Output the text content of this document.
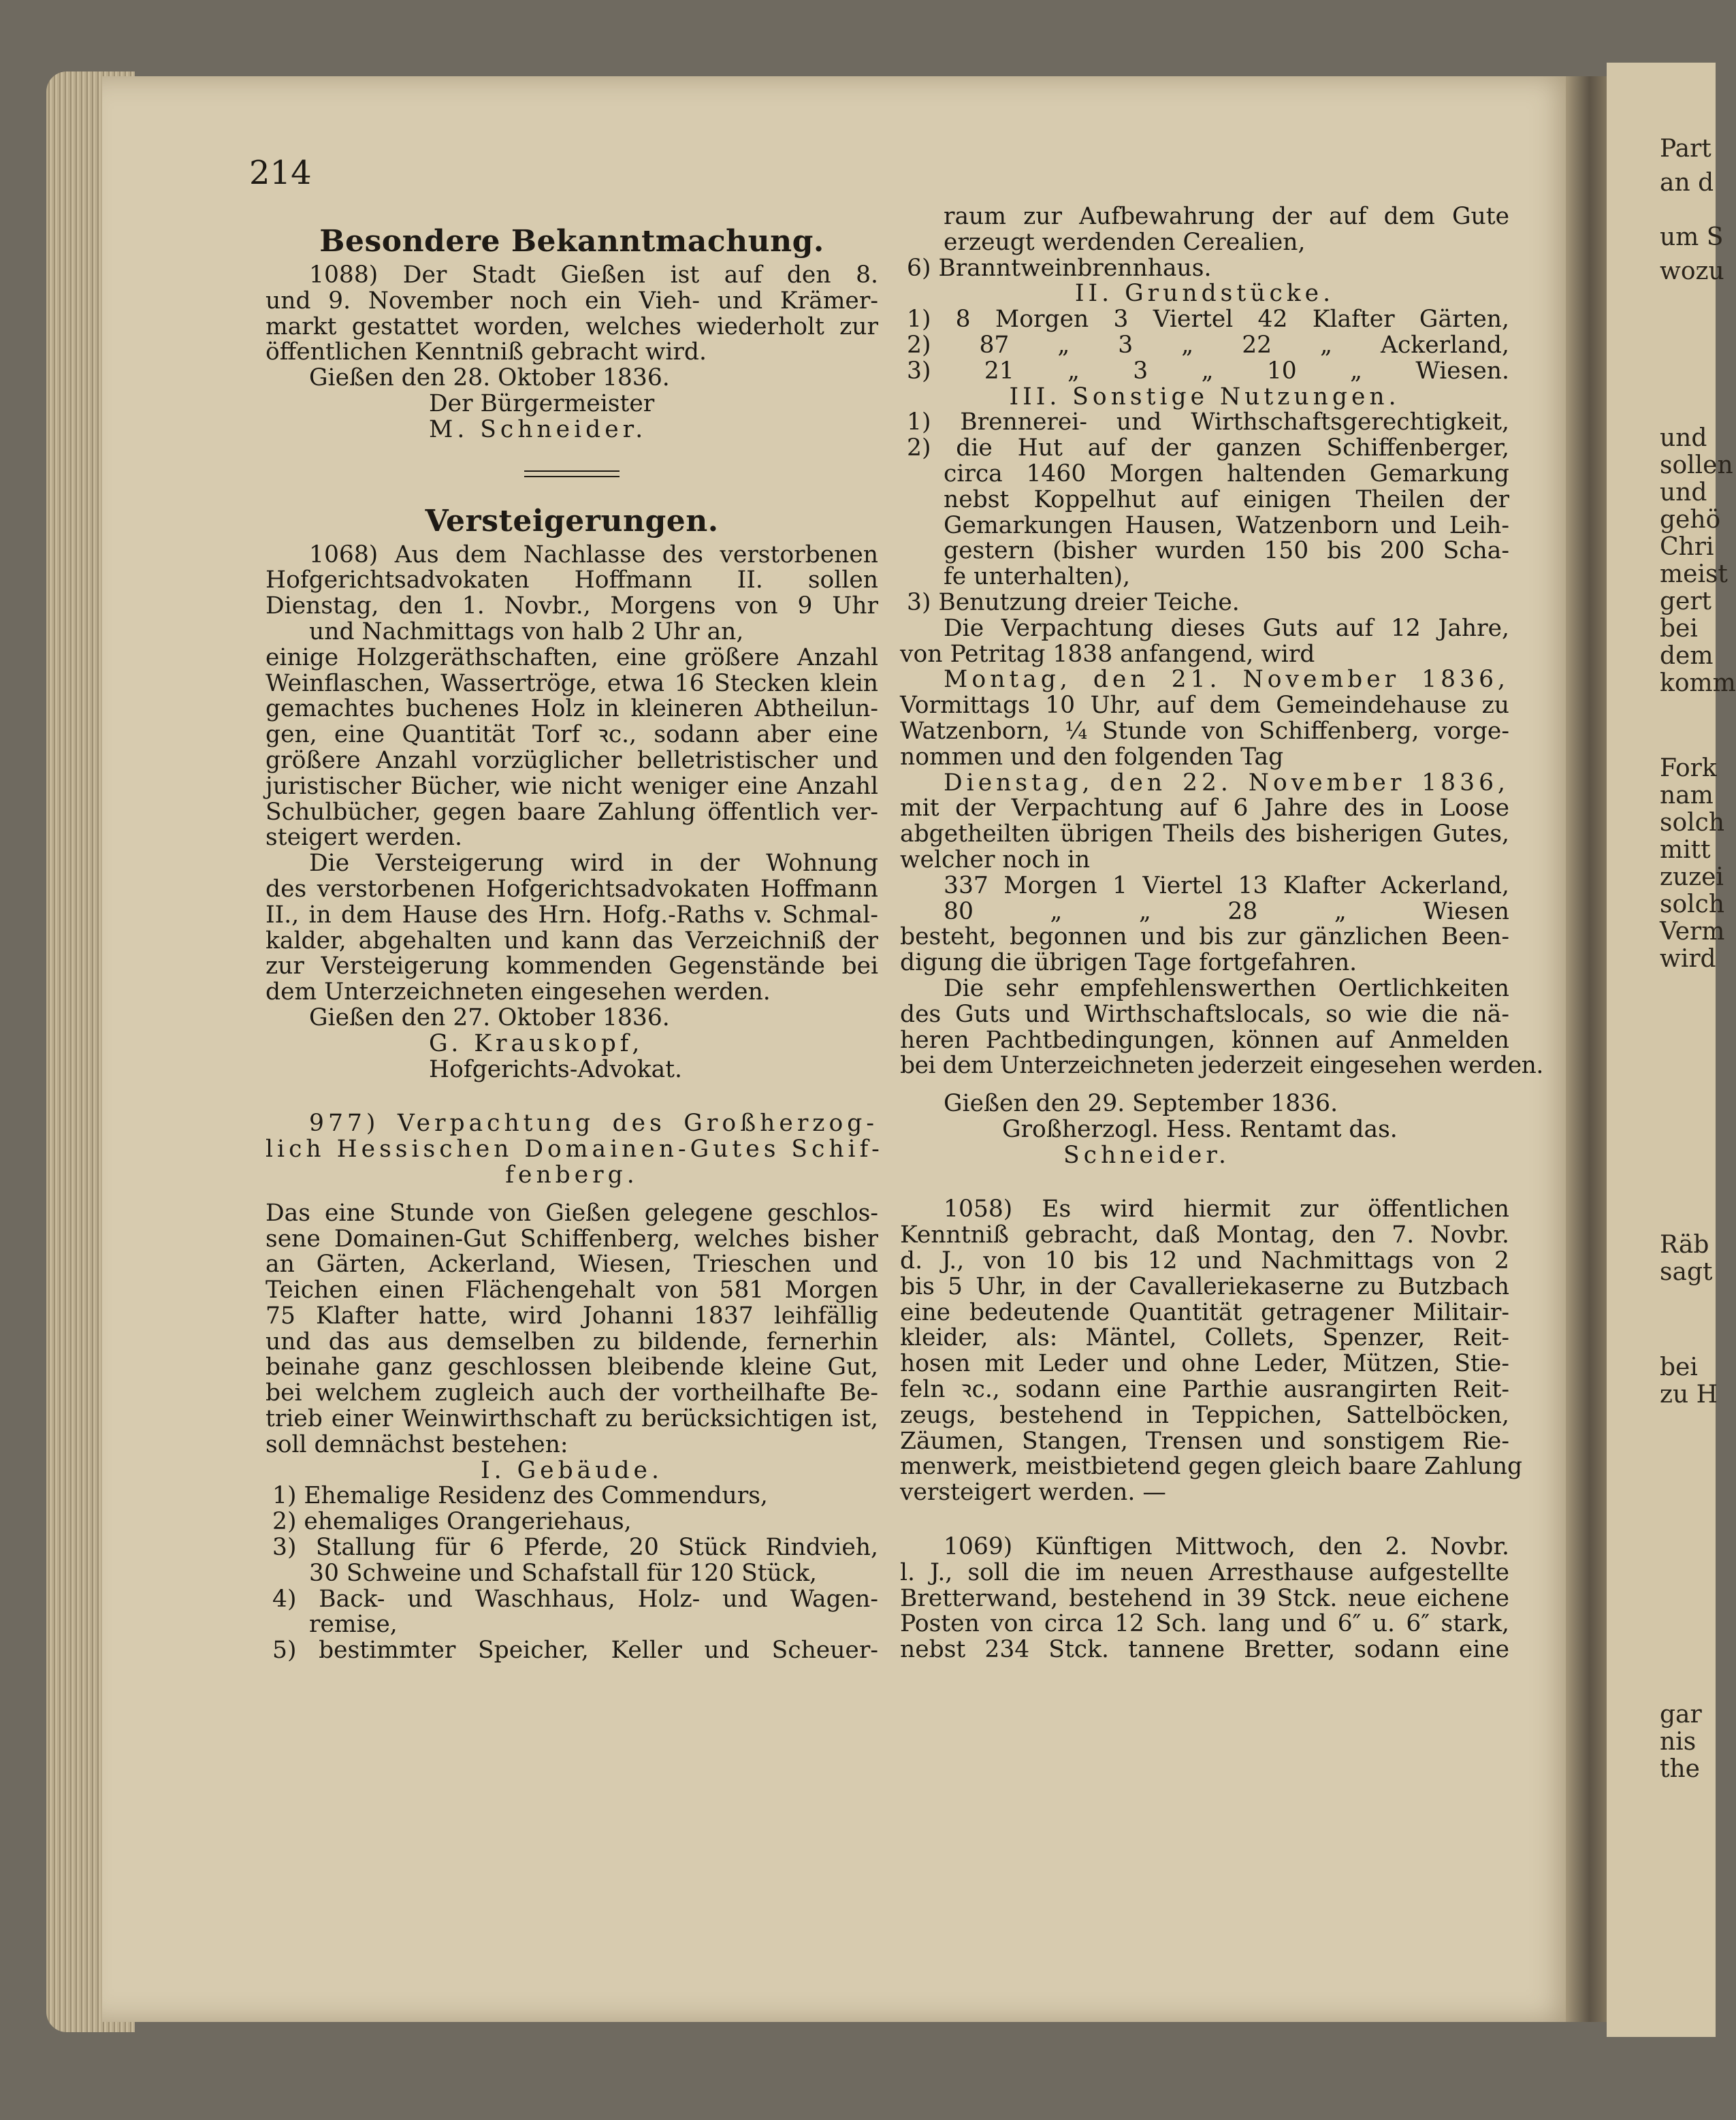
Part
an d
um S
wozu
und
sollen
und
gehö
Chri
meist
gert
bei
dem
komm
Fork
nam
solch
mitt
zuzei
solch
Verm
wird
Räb
sagt
bei
zu H
gar
nis
the
214
Besondere Bekanntmachung.
1088) Der Stadt Gießen ist auf den 8.
und 9. November noch ein Vieh- und Krämer-
markt gestattet worden, welches wiederholt zur
öffentlichen Kenntniß gebracht wird.
Gießen den 28. Oktober 1836.
Der Bürgermeister
M. Schneider.
Versteigerungen.
1068) Aus dem Nachlasse des verstorbenen
Hofgerichtsadvokaten Hoffmann II. sollen
Dienstag, den 1. Novbr., Morgens von 9 Uhr
und Nachmittags von halb 2 Uhr an,
einige Holzgeräthschaften, eine größere Anzahl
Weinflaschen, Wassertröge, etwa 16 Stecken klein
gemachtes buchenes Holz in kleineren Abtheilun-
gen, eine Quantität Torf ꝛc., sodann aber eine
größere Anzahl vorzüglicher belletristischer und
juristischer Bücher, wie nicht weniger eine Anzahl
Schulbücher, gegen baare Zahlung öffentlich ver-
steigert werden.
Die Versteigerung wird in der Wohnung
des verstorbenen Hofgerichtsadvokaten Hoffmann
II., in dem Hause des Hrn. Hofg.-Raths v. Schmal-
kalder, abgehalten und kann das Verzeichniß der
zur Versteigerung kommenden Gegenstände bei
dem Unterzeichneten eingesehen werden.
Gießen den 27. Oktober 1836.
G. Krauskopf,
Hofgerichts-Advokat.
977) Verpachtung des Großherzog-
lich Hessischen Domainen-Gutes Schif-
fenberg.
Das eine Stunde von Gießen gelegene geschlos-
sene Domainen-Gut Schiffenberg, welches bisher
an Gärten, Ackerland, Wiesen, Trieschen und
Teichen einen Flächengehalt von 581 Morgen
75 Klafter hatte, wird Johanni 1837 leihfällig
und das aus demselben zu bildende, fernerhin
beinahe ganz geschlossen bleibende kleine Gut,
bei welchem zugleich auch der vortheilhafte Be-
trieb einer Weinwirthschaft zu berücksichtigen ist,
soll demnächst bestehen:
I. Gebäude.
1) Ehemalige Residenz des Commendurs,
2) ehemaliges Orangeriehaus,
3) Stallung für 6 Pferde, 20 Stück Rindvieh,
30 Schweine und Schafstall für 120 Stück,
4) Back- und Waschhaus, Holz- und Wagen-
remise,
5) bestimmter Speicher, Keller und Scheuer-
raum zur Aufbewahrung der auf dem Gute
erzeugt werdenden Cerealien,
6) Branntweinbrennhaus.
II. Grundstücke.
1) 8 Morgen 3 Viertel 42 Klafter Gärten,
2) 87 „ 3 „ 22 „ Ackerland,
3) 21 „ 3 „ 10 „ Wiesen.
III. Sonstige Nutzungen.
1) Brennerei- und Wirthschaftsgerechtigkeit,
2) die Hut auf der ganzen Schiffenberger,
circa 1460 Morgen haltenden Gemarkung
nebst Koppelhut auf einigen Theilen der
Gemarkungen Hausen, Watzenborn und Leih-
gestern (bisher wurden 150 bis 200 Scha-
fe unterhalten),
3) Benutzung dreier Teiche.
Die Verpachtung dieses Guts auf 12 Jahre,
von Petritag 1838 anfangend, wird
Montag, den 21. November 1836,
Vormittags 10 Uhr, auf dem Gemeindehause zu
Watzenborn, ¼ Stunde von Schiffenberg, vorge-
nommen und den folgenden Tag
Dienstag, den 22. November 1836,
mit der Verpachtung auf 6 Jahre des in Loose
abgetheilten übrigen Theils des bisherigen Gutes,
welcher noch in
337 Morgen 1 Viertel 13 Klafter Ackerland,
80 „ „ 28 „ Wiesen
besteht, begonnen und bis zur gänzlichen Been-
digung die übrigen Tage fortgefahren.
Die sehr empfehlenswerthen Oertlichkeiten
des Guts und Wirthschaftslocals, so wie die nä-
heren Pachtbedingungen, können auf Anmelden
bei dem Unterzeichneten jederzeit eingesehen werden.
Gießen den 29. September 1836.
Großherzogl. Hess. Rentamt das.
Schneider.
1058) Es wird hiermit zur öffentlichen
Kenntniß gebracht, daß Montag, den 7. Novbr.
d. J., von 10 bis 12 und Nachmittags von 2
bis 5 Uhr, in der Cavalleriekaserne zu Butzbach
eine bedeutende Quantität getragener Militair-
kleider, als: Mäntel, Collets, Spenzer, Reit-
hosen mit Leder und ohne Leder, Mützen, Stie-
feln ꝛc., sodann eine Parthie ausrangirten Reit-
zeugs, bestehend in Teppichen, Sattelböcken,
Zäumen, Stangen, Trensen und sonstigem Rie-
menwerk, meistbietend gegen gleich baare Zahlung
versteigert werden. —
1069) Künftigen Mittwoch, den 2. Novbr.
l. J., soll die im neuen Arresthause aufgestellte
Bretterwand, bestehend in 39 Stck. neue eichene
Posten von circa 12 Sch. lang und 6″ u. 6″ stark,
nebst 234 Stck. tannene Bretter, sodann eine
